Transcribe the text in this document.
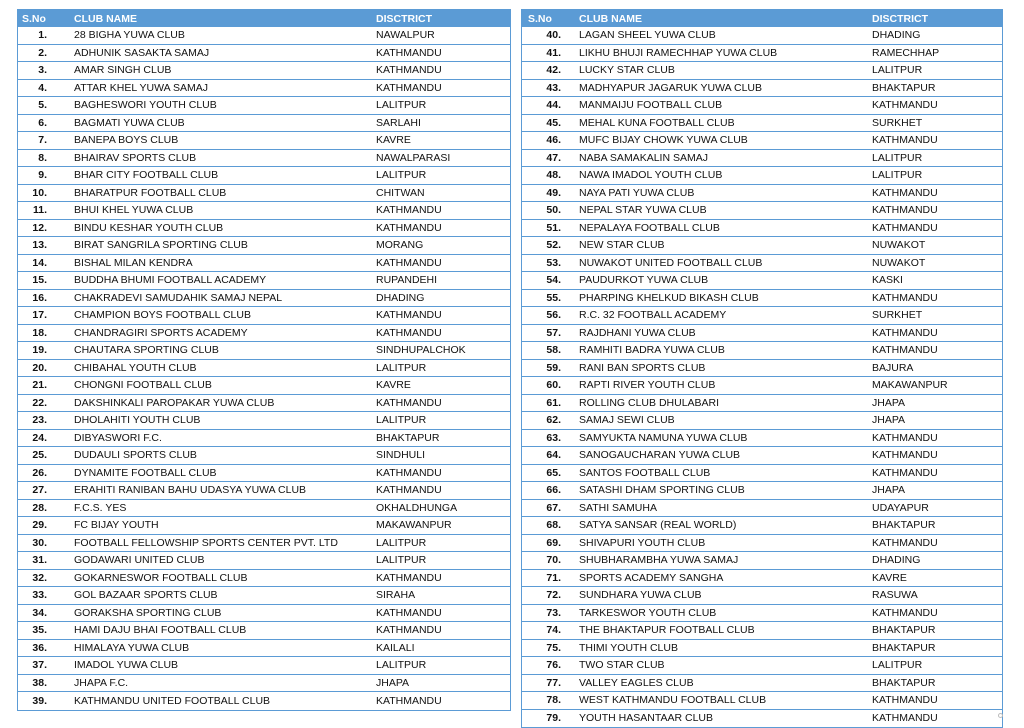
S.No	CLUB NAME	DISCTRICT
1.	28 BIGHA YUWA CLUB	NAWALPUR
2.	ADHUNIK SASAKTA SAMAJ	KATHMANDU
3.	AMAR SINGH CLUB	KATHMANDU
4.	ATTAR KHEL YUWA SAMAJ	KATHMANDU
5.	BAGHESWORI YOUTH CLUB	LALITPUR
6.	BAGMATI YUWA CLUB	SARLAHI
7.	BANEPA BOYS CLUB	KAVRE
8.	BHAIRAV SPORTS CLUB	NAWALPARASI
9.	BHAR CITY FOOTBALL CLUB	LALITPUR
10.	BHARATPUR FOOTBALL CLUB	CHITWAN
11.	BHUI KHEL YUWA CLUB	KATHMANDU
12.	BINDU KESHAR YOUTH CLUB	KATHMANDU
13.	BIRAT SANGRILA SPORTING CLUB	MORANG
14.	BISHAL MILAN KENDRA	KATHMANDU
15.	BUDDHA BHUMI FOOTBALL ACADEMY	RUPANDEHI
16.	CHAKRADEVI SAMUDAHIK SAMAJ NEPAL	DHADING
17.	CHAMPION BOYS FOOTBALL CLUB	KATHMANDU
18.	CHANDRAGIRI SPORTS ACADEMY	KATHMANDU
19.	CHAUTARA SPORTING CLUB	SINDHUPALCHOK
20.	CHIBAHAL YOUTH CLUB	LALITPUR
21.	CHONGNI FOOTBALL CLUB	KAVRE
22.	DAKSHINKALI PAROPAKAR YUWA CLUB	KATHMANDU
23.	DHOLAHITI YOUTH CLUB	LALITPUR
24.	DIBYASWORI F.C.	BHAKTAPUR
25.	DUDAULI SPORTS CLUB	SINDHULI
26.	DYNAMITE FOOTBALL CLUB	KATHMANDU
27.	ERAHITI RANIBAN BAHU UDASYA YUWA CLUB	KATHMANDU
28.	F.C.S. YES	OKHALDHUNGA
29.	FC BIJAY YOUTH	MAKAWANPUR
30.	FOOTBALL FELLOWSHIP SPORTS CENTER PVT. LTD	LALITPUR
31.	GODAWARI UNITED CLUB	LALITPUR
32.	GOKARNESWOR FOOTBALL CLUB	KATHMANDU
33.	GOL BAZAAR SPORTS CLUB	SIRAHA
34.	GORAKSHA SPORTING CLUB	KATHMANDU
35.	HAMI DAJU BHAI FOOTBALL CLUB	KATHMANDU
36.	HIMALAYA YUWA CLUB	KAILALI
37.	IMADOL YUWA CLUB	LALITPUR
38.	JHAPA F.C.	JHAPA
39.	KATHMANDU UNITED FOOTBALL CLUB	KATHMANDU
S.No	CLUB NAME	DISCTRICT
40.	LAGAN SHEEL YUWA CLUB	DHADING
41.	LIKHU BHUJI RAMECHHAP YUWA CLUB	RAMECHHAP
42.	LUCKY STAR CLUB	LALITPUR
43.	MADHYAPUR JAGARUK YUWA CLUB	BHAKTAPUR
44.	MANMAIJU FOOTBALL CLUB	KATHMANDU
45.	MEHAL KUNA FOOTBALL CLUB	SURKHET
46.	MUFC BIJAY CHOWK YUWA CLUB	KATHMANDU
47.	NABA SAMAKALIN SAMAJ	LALITPUR
48.	NAWA IMADOL YOUTH CLUB	LALITPUR
49.	NAYA PATI YUWA CLUB	KATHMANDU
50.	NEPAL STAR YUWA CLUB	KATHMANDU
51.	NEPALAYA FOOTBALL CLUB	KATHMANDU
52.	NEW STAR CLUB	NUWAKOT
53.	NUWAKOT UNITED FOOTBALL CLUB	NUWAKOT
54.	PAUDURKOT YUWA CLUB	KASKI
55.	PHARPING KHELKUD BIKASH CLUB	KATHMANDU
56.	R.C. 32 FOOTBALL ACADEMY	SURKHET
57.	RAJDHANI YUWA CLUB	KATHMANDU
58.	RAMHITI BADRA YUWA CLUB	KATHMANDU
59.	RANI BAN SPORTS CLUB	BAJURA
60.	RAPTI RIVER YOUTH CLUB	MAKAWANPUR
61.	ROLLING CLUB DHULABARI	JHAPA
62.	SAMAJ SEWI CLUB	JHAPA
63.	SAMYUKTA NAMUNA YUWA CLUB	KATHMANDU
64.	SANOGAUCHARAN YUWA CLUB	KATHMANDU
65.	SANTOS FOOTBALL CLUB	KATHMANDU
66.	SATASHI DHAM SPORTING CLUB	JHAPA
67.	SATHI SAMUHA	UDAYAPUR
68.	SATYA SANSAR (REAL WORLD)	BHAKTAPUR
69.	SHIVAPURI YOUTH CLUB	KATHMANDU
70.	SHUBHARAMBHA YUWA SAMAJ	DHADING
71.	SPORTS ACADEMY SANGHA	KAVRE
72.	SUNDHARA YUWA CLUB	RASUWA
73.	TARKESWOR YOUTH CLUB	KATHMANDU
74.	THE BHAKTAPUR FOOTBALL CLUB	BHAKTAPUR
75.	THIMI YOUTH CLUB	BHAKTAPUR
76.	TWO STAR CLUB	LALITPUR
77.	VALLEY EAGLES CLUB	BHAKTAPUR
78.	WEST KATHMANDU FOOTBALL CLUB	KATHMANDU
79.	YOUTH HASANTAAR CLUB	KATHMANDU
